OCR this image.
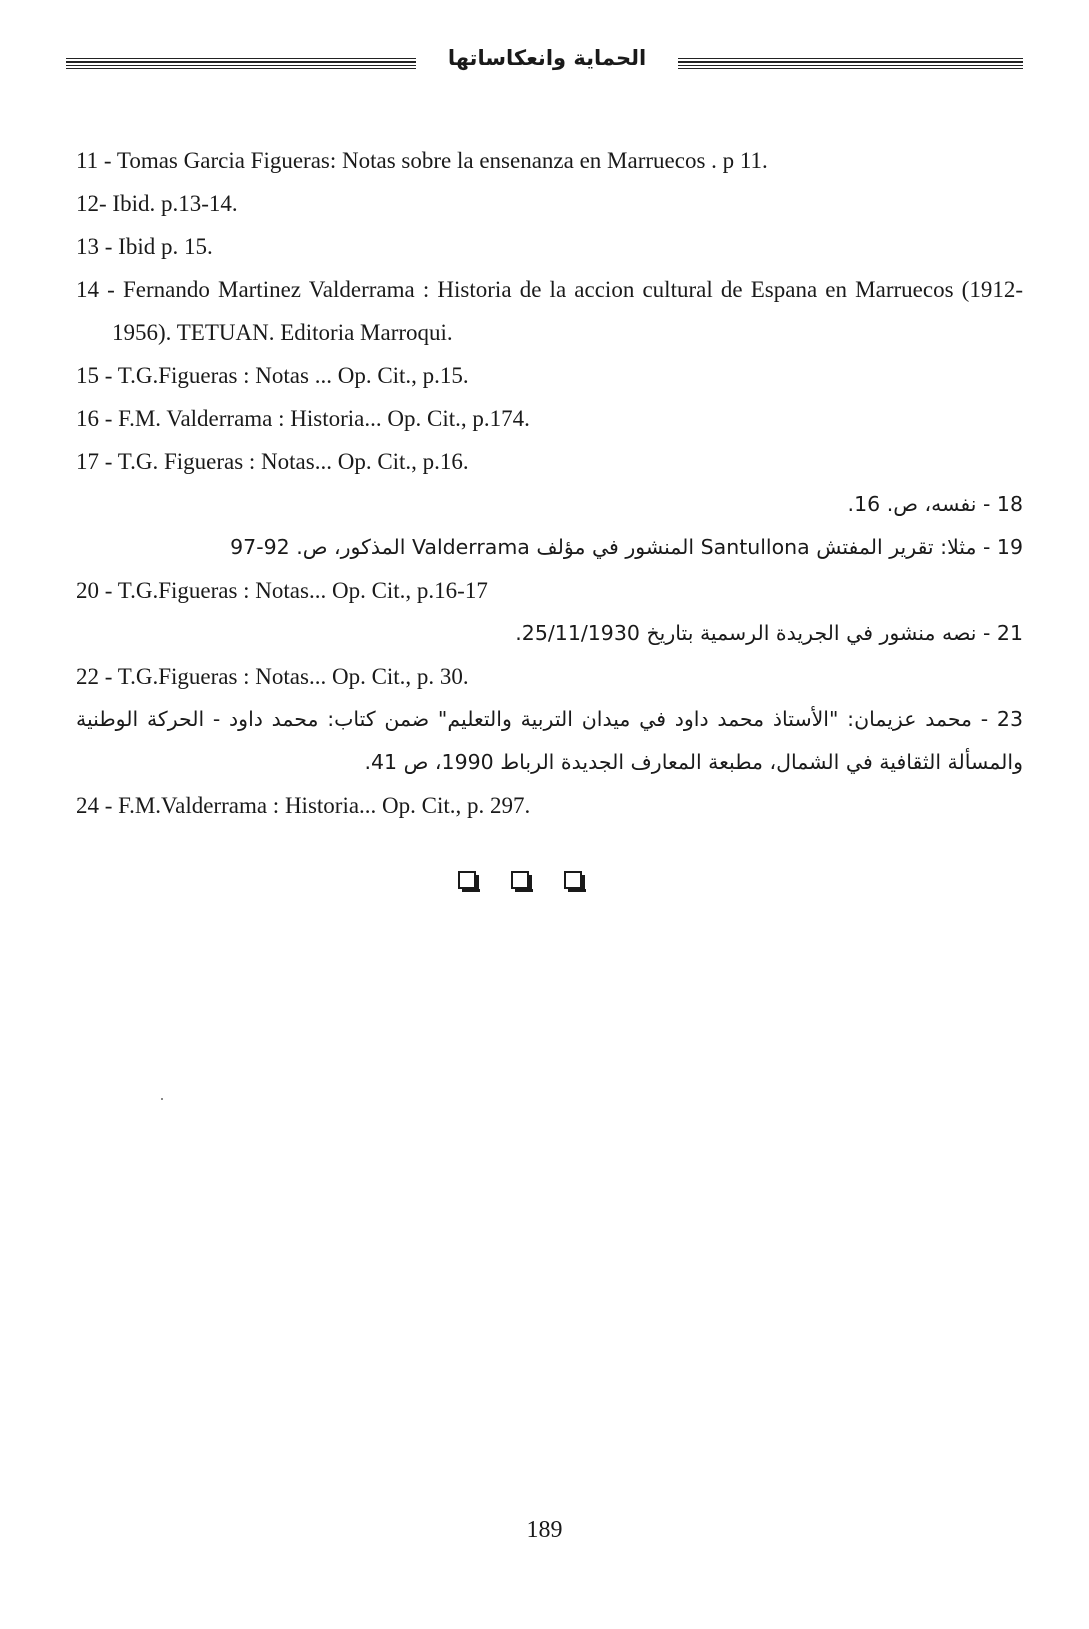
الحماية وانعكاساتها
11 - Tomas Garcia Figueras: Notas sobre la ensenanza en Marruecos . p 11.
12- Ibid. p.13-14.
13 - Ibid p. 15.
14 - Fernando Martinez Valderrama : Historia de la accion cultural de Espana en Marruecos (1912-1956). TETUAN. Editoria Marroqui.
15 - T.G.Figueras : Notas ... Op. Cit., p.15.
16 - F.M. Valderrama : Historia... Op. Cit., p.174.
17 - T.G. Figueras : Notas... Op. Cit., p.16.
18 - نفسه، ص. 16.
19 - مثلا: تقرير المفتش Santullona المنشور في مؤلف Valderrama المذكور، ص. 92-97
20 - T.G.Figueras : Notas... Op. Cit., p.16-17
21 - نصه منشور في الجريدة الرسمية بتاريخ 25/11/1930.
22 - T.G.Figueras : Notas... Op. Cit., p. 30.
23 - محمد عزيمان: "الأستاذ محمد داود في ميدان التربية والتعليم" ضمن كتاب: محمد داود - الحركة الوطنية والمسألة الثقافية في الشمال، مطبعة المعارف الجديدة الرباط 1990، ص 41.
24 - F.M.Valderrama : Historia... Op. Cit., p. 297.
189
